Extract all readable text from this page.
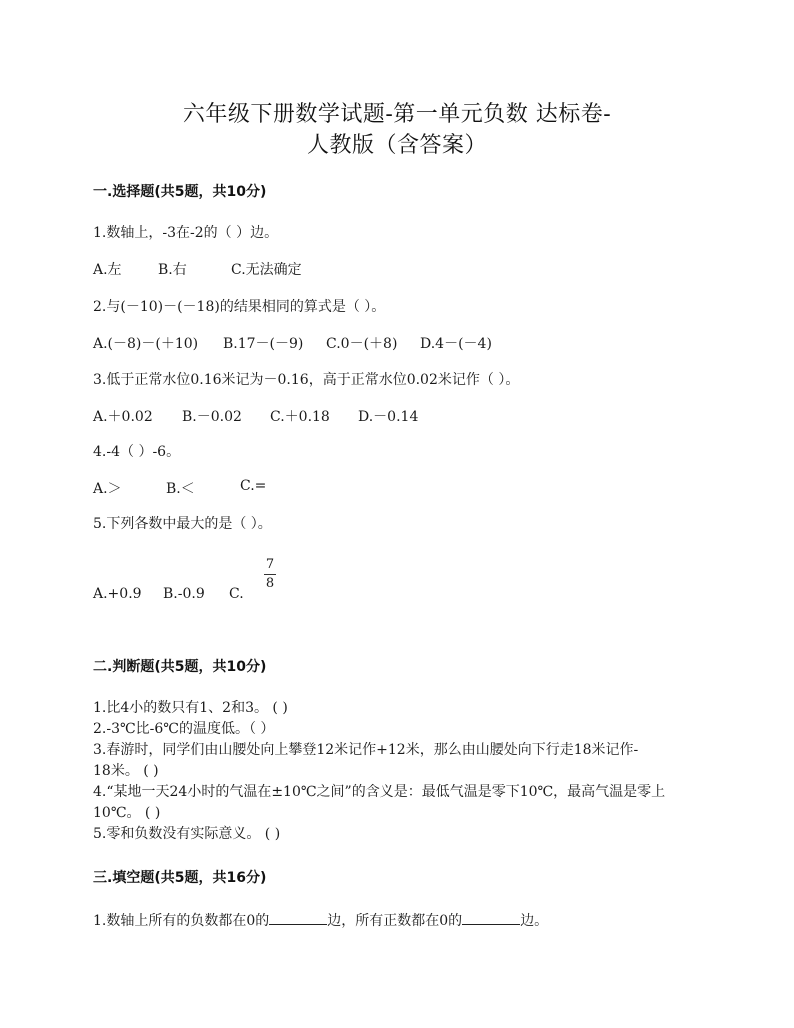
六年级下册数学试题-第一单元负数 达标卷-
人教版（含答案）
一.选择题(共5题，共10分)
1.数轴上，-3在-2的（ ）边。
A.左	B.右	C.无法确定
2.与(－10)－(－18)的结果相同的算式是（ ）。
A.(－8)－(＋10) B.17－(－9) C.0－(＋8) D.4－(－4)
3.低于正常水位0.16米记为－0.16，高于正常水位0.02米记作（ ）。
A.＋0.02 B.－0.02 C.＋0.18 D.－0.14
4.-4（ ）-6。
A.＞	B.＜	C.=
5.下列各数中最大的是（ ）。
A.+0.9 B.-0.9 C.
7
8
二.判断题(共5题，共10分)
1.比4小的数只有1、2和3。 ( )
2.-3℃比-6℃的温度低。（ ）
3.春游时，同学们由山腰处向上攀登12米记作+12米，那么由山腰处向下行走18米记作-
18米。 ( )
4.“某地一天24小时的气温在±10℃之间”的含义是：最低气温是零下10℃，最高气温是零上
10℃。 ( )
5.零和负数没有实际意义。 ( )
三.填空题(共5题，共16分)
1.数轴上所有的负数都在0的	边，所有正数都在0的	边。
